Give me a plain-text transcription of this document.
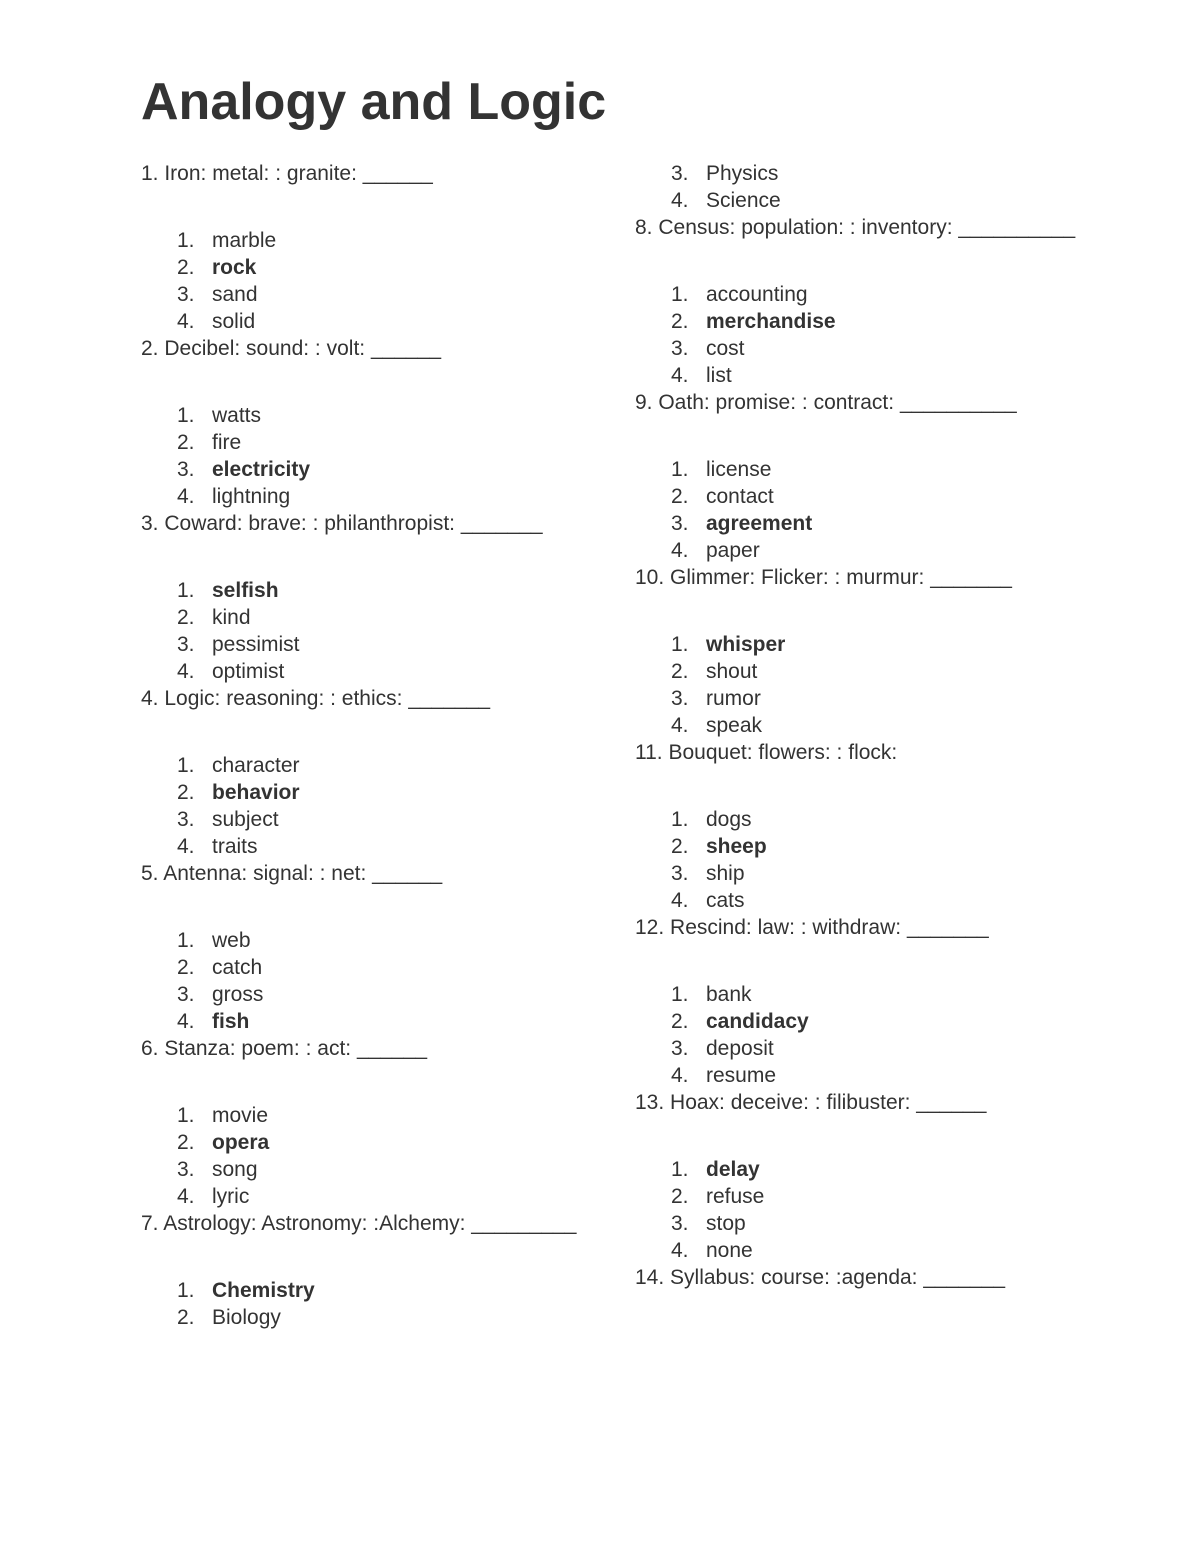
Analogy and Logic
1. Iron: metal: : granite: ______
1. marble
2. rock
3. sand
4. solid
2. Decibel: sound: : volt: ______
1. watts
2. fire
3. electricity
4. lightning
3. Coward: brave: : philanthropist: _______
1. selfish
2. kind
3. pessimist
4. optimist
4. Logic: reasoning: : ethics: _______
1. character
2. behavior
3. subject
4. traits
5. Antenna: signal: : net: ______
1. web
2. catch
3. gross
4. fish
6. Stanza: poem: : act: ______
1. movie
2. opera
3. song
4. lyric
7. Astrology: Astronomy: :Alchemy: _________
1. Chemistry
2. Biology
3. Physics
4. Science
8. Census: population: : inventory: __________
1. accounting
2. merchandise
3. cost
4. list
9. Oath: promise: : contract: __________
1. license
2. contact
3. agreement
4. paper
10. Glimmer: Flicker: : murmur: _______
1. whisper
2. shout
3. rumor
4. speak
11. Bouquet: flowers: : flock:
1. dogs
2. sheep
3. ship
4. cats
12. Rescind: law: : withdraw: _______
1. bank
2. candidacy
3. deposit
4. resume
13. Hoax: deceive: : filibuster: ______
1. delay
2. refuse
3. stop
4. none
14. Syllabus: course: :agenda: _______
